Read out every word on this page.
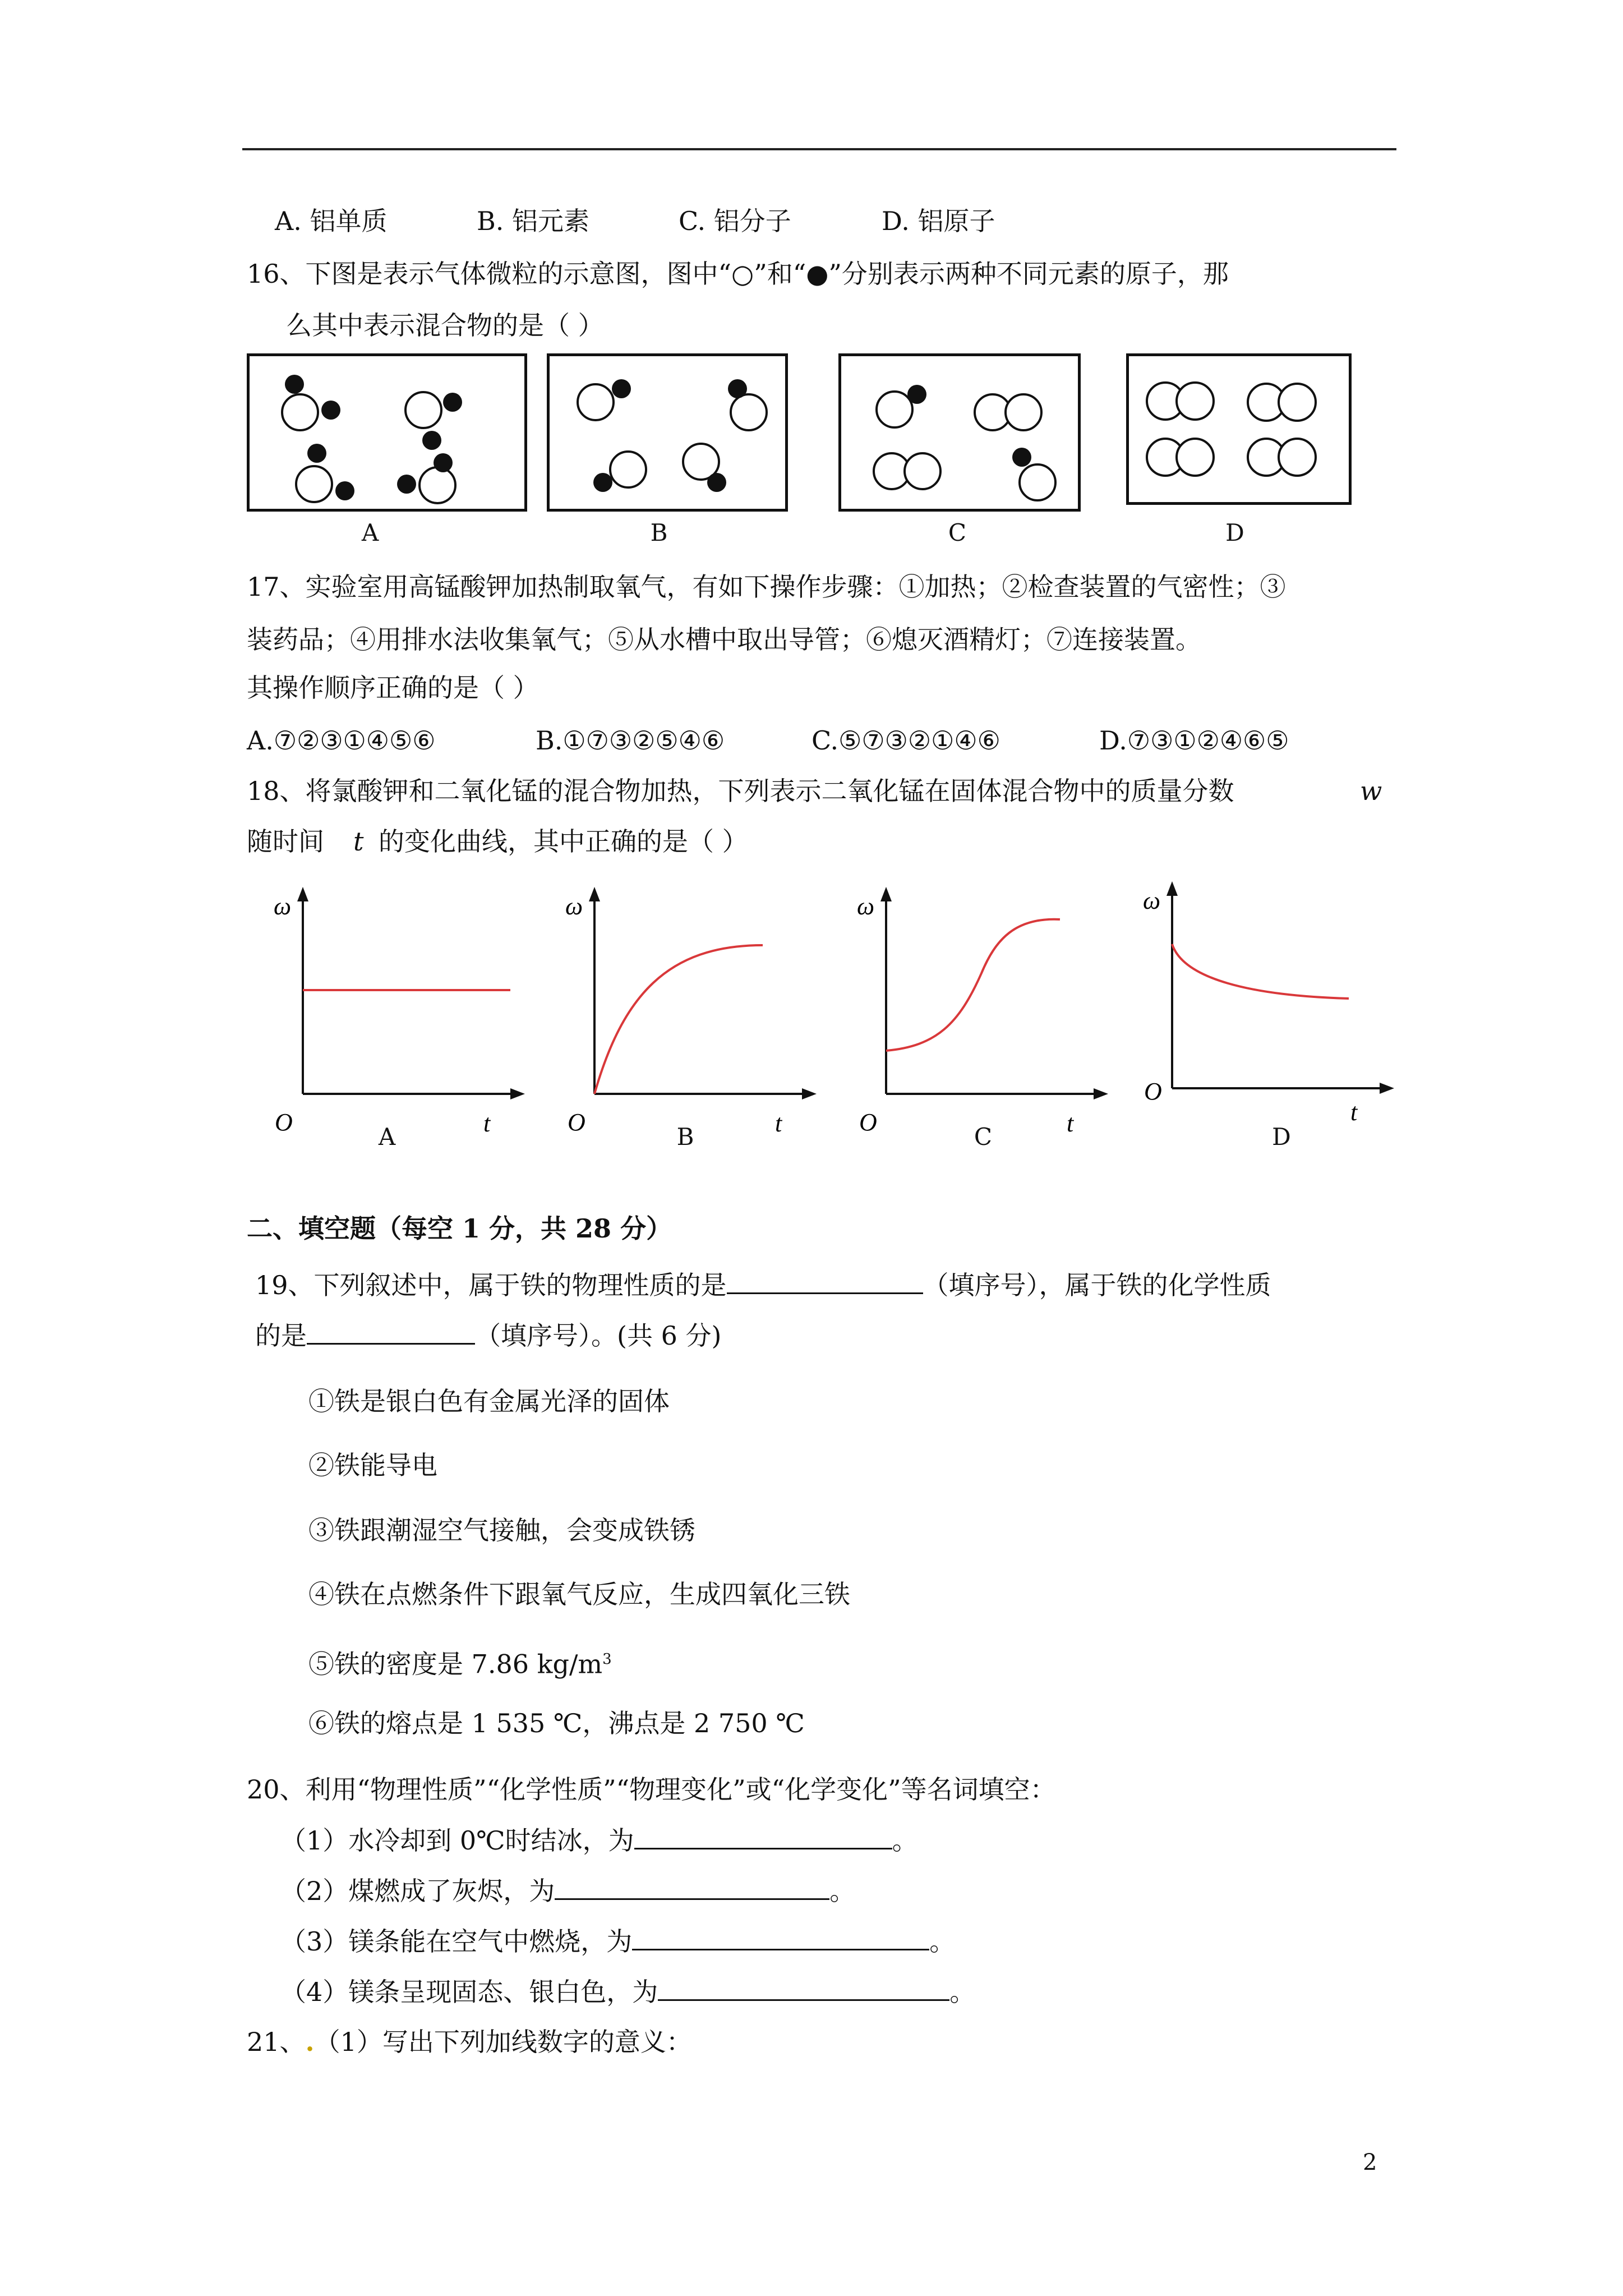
A. 铝单质	B. 铝元素	C. 铝分子	D. 铝原子
16、下图是表示气体微粒的示意图，图中“○”和“●”分别表示两种不同元素的原子，那
么其中表示混合物的是（ ）
A	B	C	D
17、实验室用高锰酸钾加热制取氧气，有如下操作步骤：①加热；②检查装置的气密性；③
装药品；④用排水法收集氧气；⑤从水槽中取出导管；⑥熄灭酒精灯；⑦连接装置。
其操作顺序正确的是（ ）
A.⑦②③①④⑤⑥	B.①⑦③②⑤④⑥	C.⑤⑦③②①④⑥	D.⑦③①②④⑥⑤
18、将氯酸钾和二氧化锰的混合物加热，下列表示二氧化锰在固体混合物中的质量分数	w
随时间 t 的变化曲线，其中正确的是（ ）
ω
O	t
ω
O	t
ω
O	t
ω
O
t
A	B	C	D
二、填空题（每空 1 分，共 28 分）
19、下列叙述中，属于铁的物理性质的是	（填序号），属于铁的化学性质
的是	（填序号）。(共 6 分)
①铁是银白色有金属光泽的固体
②铁能导电
③铁跟潮湿空气接触，会变成铁锈
④铁在点燃条件下跟氧气反应，生成四氧化三铁
⑤铁的密度是 7.86 $kg/m^3$
⑥铁的熔点是 1 535 ℃，沸点是 2 750 ℃
20、利用“物理性质”“化学性质”“物理变化”或“化学变化”等名词填空：
（1）水冷却到 0℃时结冰，为	。
（2）煤燃成了灰烬，为	。
（3）镁条能在空气中燃烧，为	。
（4）镁条呈现固态、银白色，为	。
21、.（1）写出下列加线数字的意义：
2
